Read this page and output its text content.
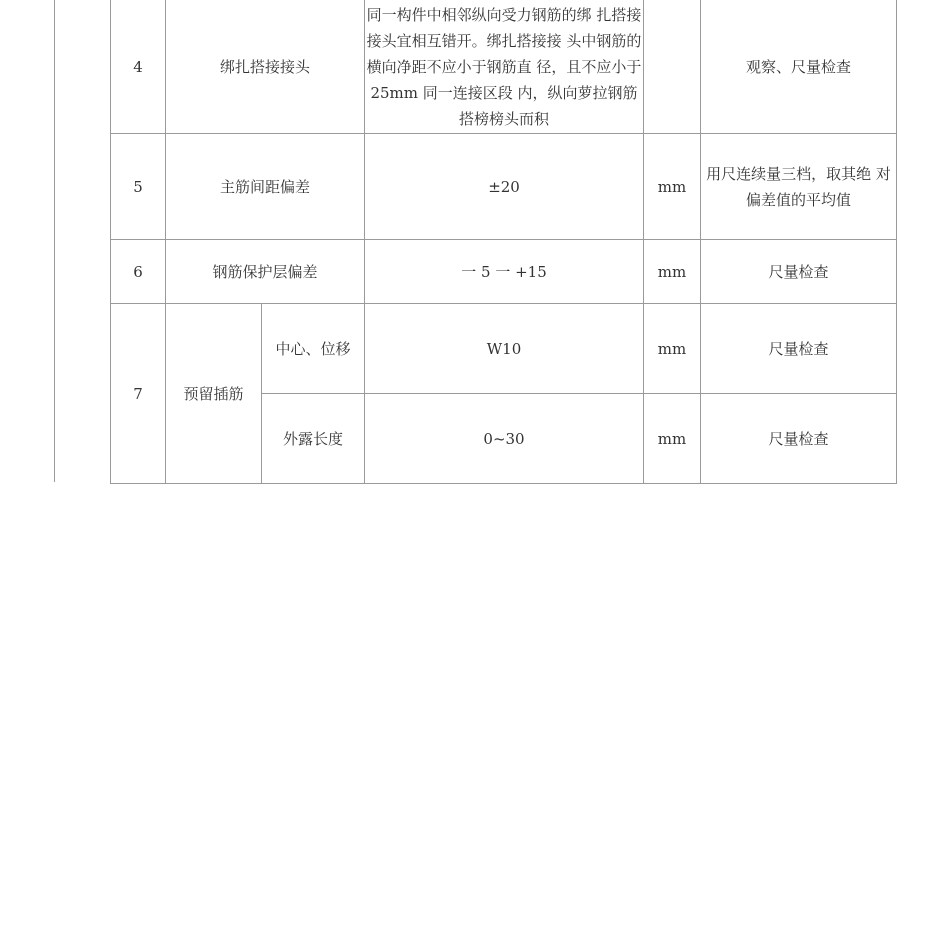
4	绑扎搭接接头		同一构件中相邻纵向受力钢筋的绑 扎搭接接头宜相互错开。绑扎搭接接 头中钢筋的横向净距不应小于钢筋直 径，且不应小于 25mm 同一连接区段 内，纵向萝拉钢筋搭榜榜头而积		观察、尺量检查
5	主筋间距偏差		±20	mm	用尺连续量三档，取其绝 对偏差值的平均值
6	钢筋保护层偏差		一 5 一 +15	mm	尺量检查
7	预留插筋	中心、位移	W10	mm	尺量检查
		外露长度	0~30	mm	尺量检查
